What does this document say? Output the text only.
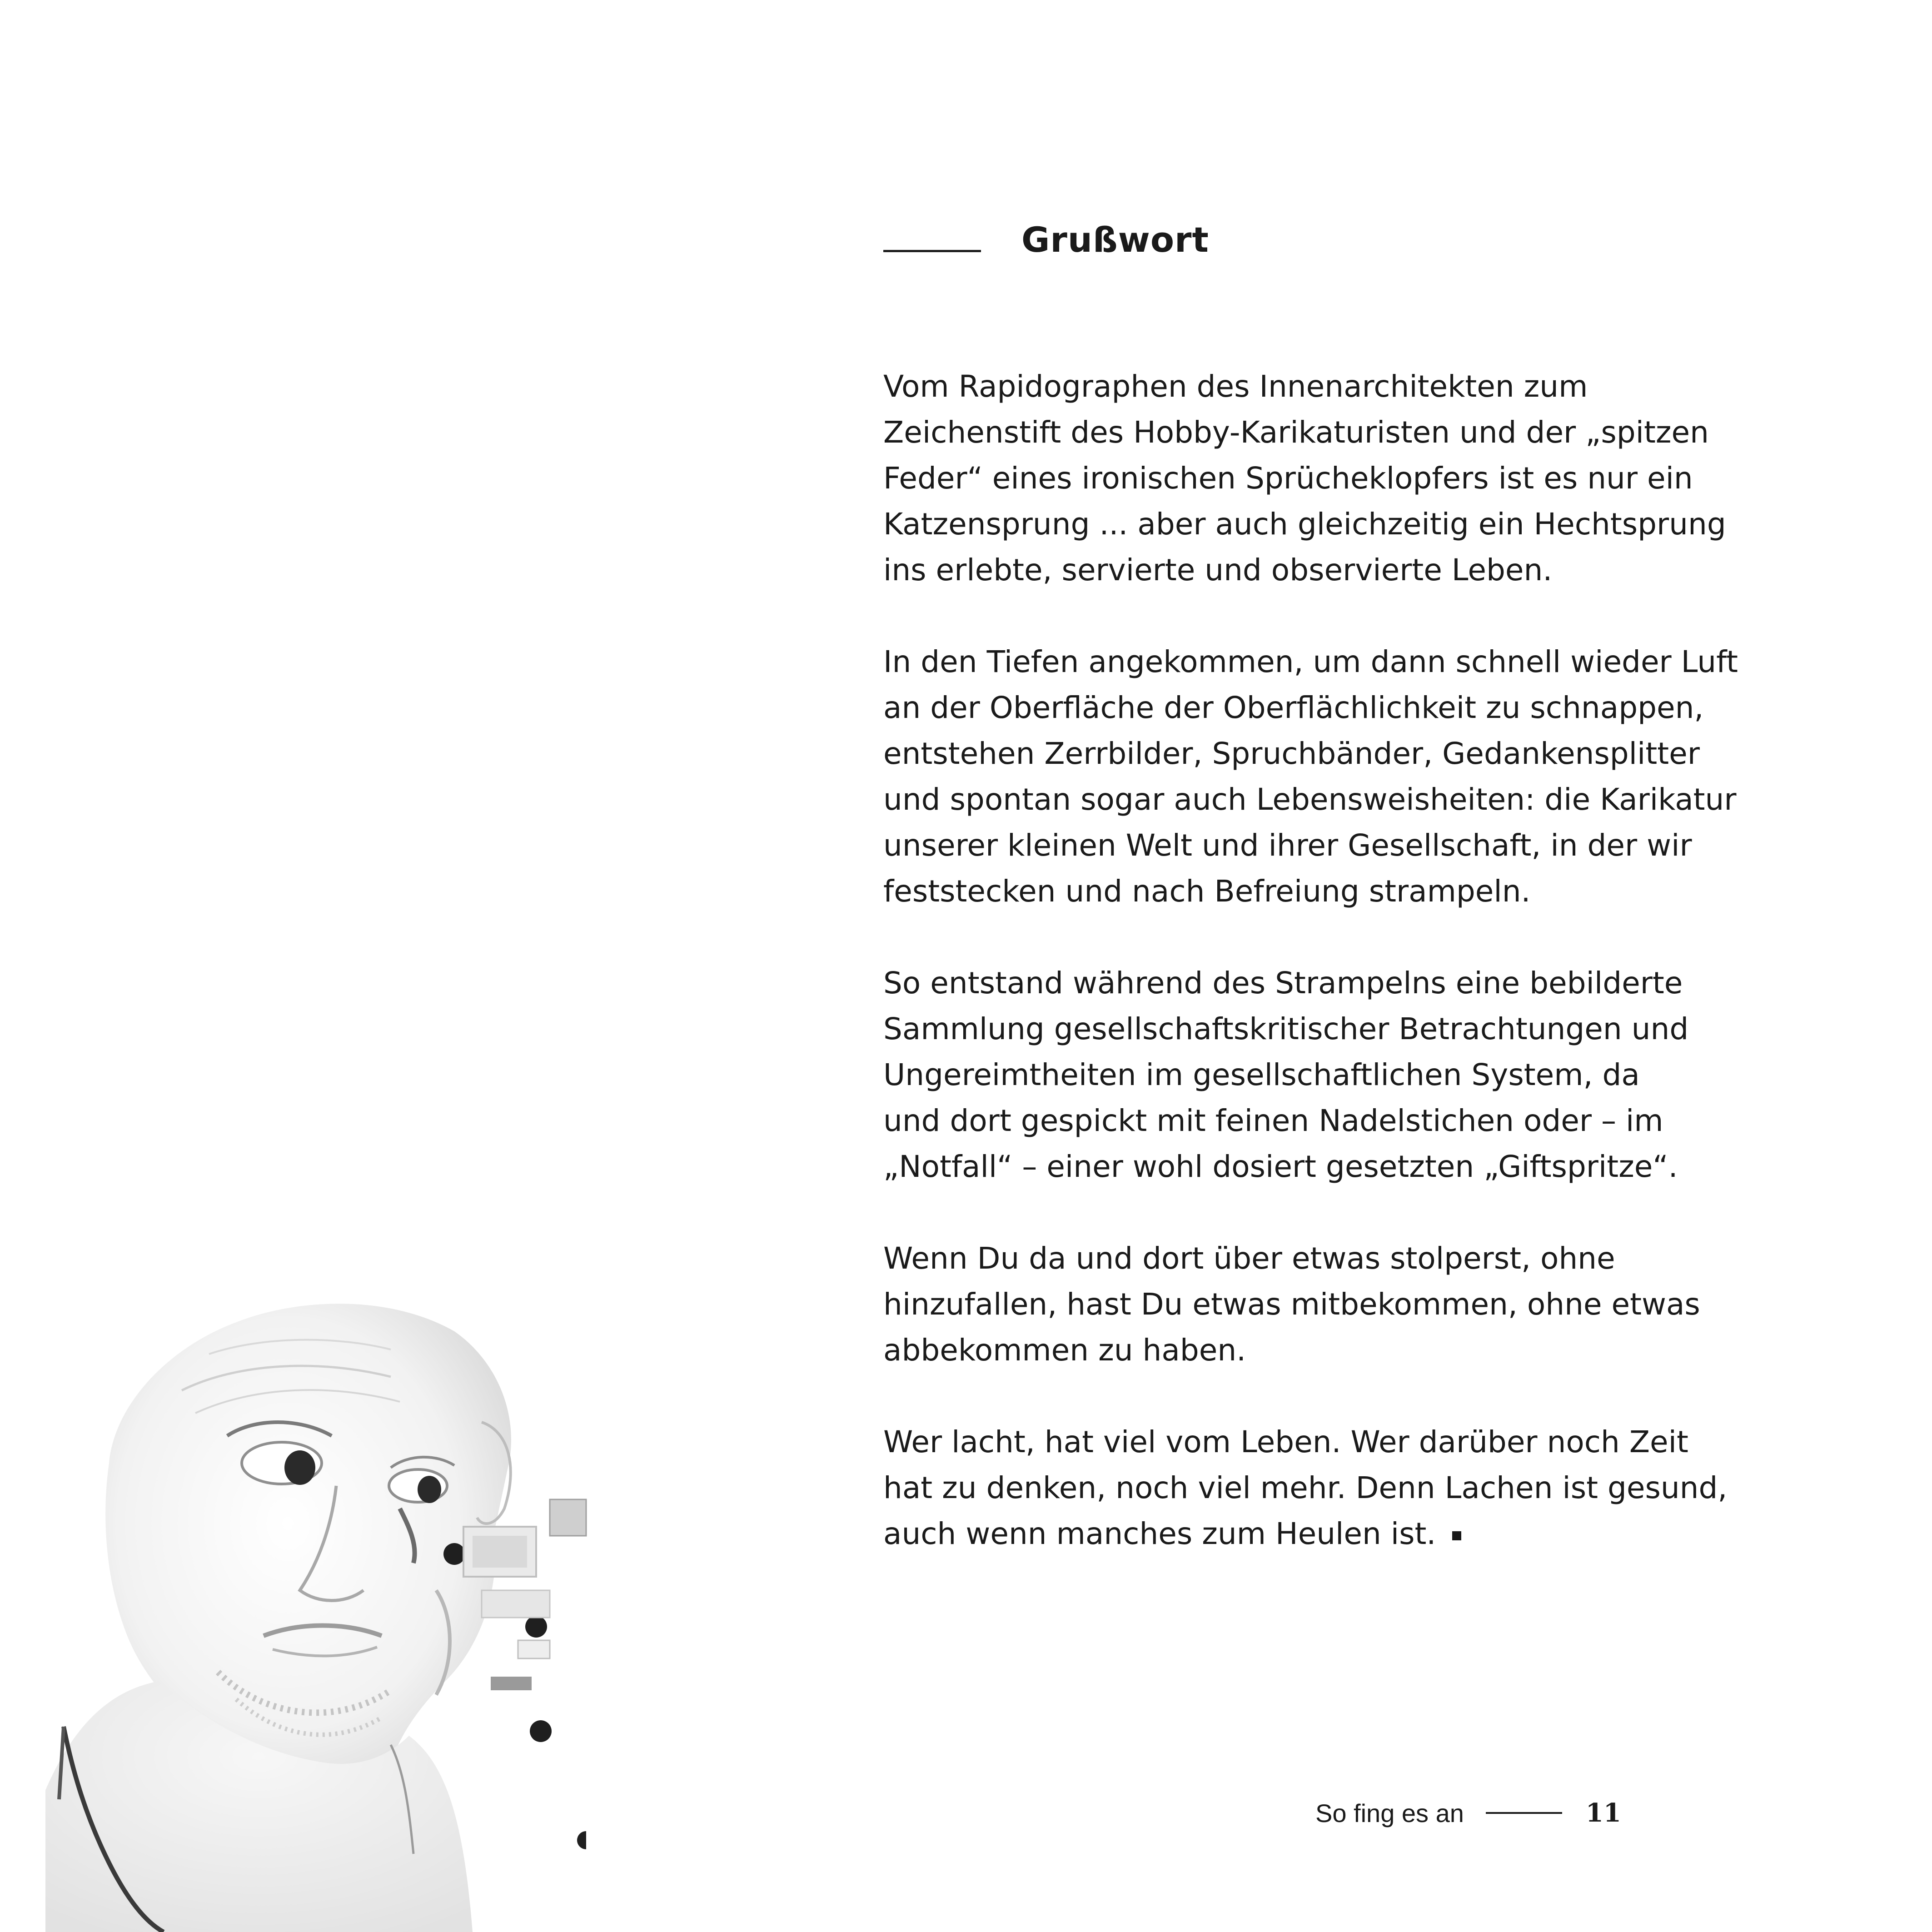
Grußwort

Vom Rapidographen des Innenarchitekten zum
Zeichenstift des Hobby-Karikaturisten und der „spitzen
Feder“ eines ironischen Sprücheklopfers ist es nur ein
Katzensprung ... aber auch gleichzeitig ein Hechtsprung
ins erlebte, servierte und observierte Leben.

In den Tiefen angekommen, um dann schnell wieder Luft
an der Oberfläche der Oberflächlichkeit zu schnappen,
entstehen Zerrbilder, Spruchbänder, Gedankensplitter
und spontan sogar auch Lebensweisheiten: die Karikatur
unserer kleinen Welt und ihrer Gesellschaft, in der wir
feststecken und nach Befreiung strampeln.

So entstand während des Strampelns eine bebilderte
Sammlung gesellschaftskritischer Betrachtungen und
Ungereimtheiten im gesellschaftlichen System, da
und dort gespickt mit feinen Nadelstichen oder – im
„Notfall“ – einer wohl dosiert gesetzten „Giftspritze“.

Wenn Du da und dort über etwas stolperst, ohne
hinzufallen, hast Du etwas mitbekommen, ohne etwas
abbekommen zu haben.

Wer lacht, hat viel vom Leben. Wer darüber noch Zeit
hat zu denken, noch viel mehr. Denn Lachen ist gesund,
auch wenn manches zum Heulen ist.

So fing es an	11
